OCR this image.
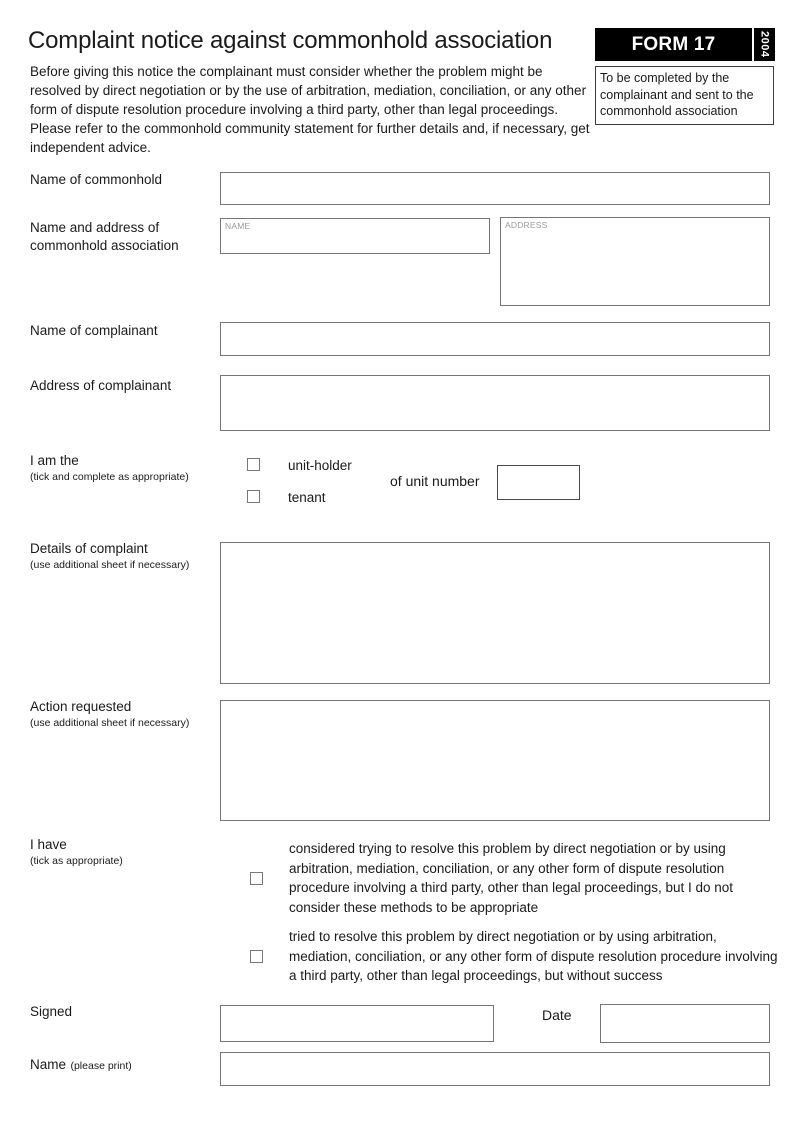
Complaint notice against commonhold association	FORM 17	2004
To be completed by the complainant and sent to the commonhold association

Before giving this notice the complainant must consider whether the problem might be resolved by direct negotiation or by the use of arbitration, mediation, conciliation, or any other form of dispute resolution procedure involving a third party, other than legal proceedings. Please refer to the commonhold community statement for further details and, if necessary, get independent advice.

Name of commonhold
Name and address of commonhold association
NAME
ADDRESS
Name of complainant
Address of complainant
I am the
(tick and complete as appropriate)
unit-holder
tenant
of unit number
Details of complaint
(use additional sheet if necessary)
Action requested
(use additional sheet if necessary)
I have
(tick as appropriate)
considered trying to resolve this problem by direct negotiation or by using arbitration, mediation, conciliation, or any other form of dispute resolution procedure involving a third party, other than legal proceedings, but I do not consider these methods to be appropriate
tried to resolve this problem by direct negotiation or by using arbitration, mediation, conciliation, or any other form of dispute resolution procedure involving a third party, other than legal proceedings, but without success
Signed	Date
Name (please print)
